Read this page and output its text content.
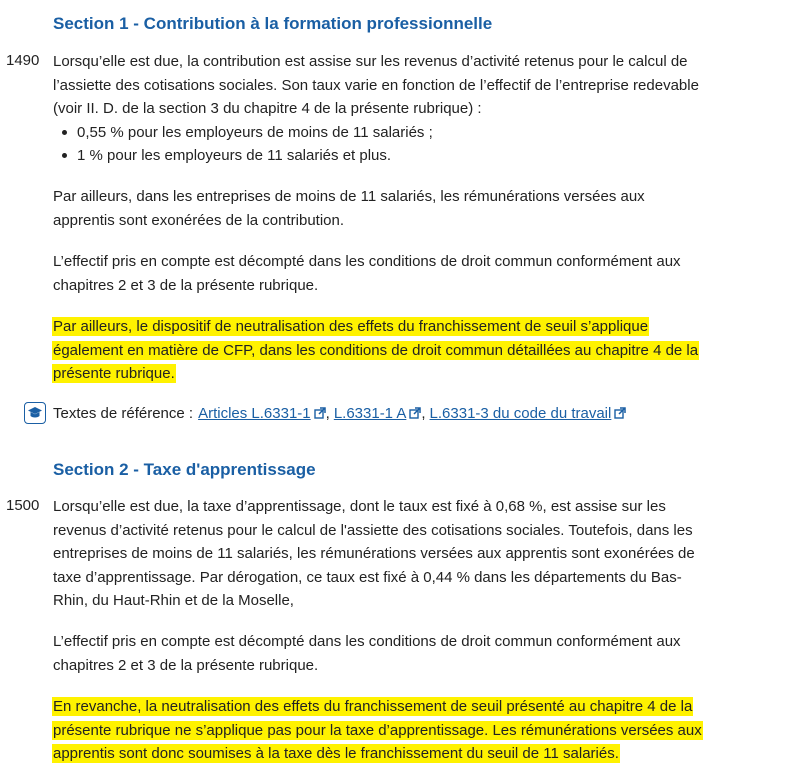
Section 1 - Contribution à la formation professionnelle
1490 Lorsqu’elle est due, la contribution est assise sur les revenus d’activité retenus pour le calcul de
l’assiette des cotisations sociales. Son taux varie en fonction de l’effectif de l’entreprise redevable
(voir II. D. de la section 3 du chapitre 4 de la présente rubrique) :
0,55 % pour les employeurs de moins de 11 salariés ;
1 % pour les employeurs de 11 salariés et plus.
Par ailleurs, dans les entreprises de moins de 11 salariés, les rémunérations versées aux
apprentis sont exonérées de la contribution.
L’effectif pris en compte est décompté dans les conditions de droit commun conformément aux
chapitres 2 et 3 de la présente rubrique.
Par ailleurs, le dispositif de neutralisation des effets du franchissement de seuil s’applique
également en matière de CFP, dans les conditions de droit commun détaillées au chapitre 4 de la
présente rubrique.
Textes de référence : Articles L.6331-1 , L.6331-1 A , L.6331-3 du code du travail
Section 2 - Taxe d'apprentissage
1500 Lorsqu’elle est due, la taxe d’apprentissage, dont le taux est fixé à 0,68 %, est assise sur les
revenus d’activité retenus pour le calcul de l'assiette des cotisations sociales. Toutefois, dans les
entreprises de moins de 11 salariés, les rémunérations versées aux apprentis sont exonérées de
taxe d’apprentissage. Par dérogation, ce taux est fixé à 0,44 % dans les départements du Bas-
Rhin, du Haut-Rhin et de la Moselle,
L’effectif pris en compte est décompté dans les conditions de droit commun conformément aux
chapitres 2 et 3 de la présente rubrique.
En revanche, la neutralisation des effets du franchissement de seuil présenté au chapitre 4 de la
présente rubrique ne s’applique pas pour la taxe d’apprentissage. Les rémunérations versées aux
apprentis sont donc soumises à la taxe dès le franchissement du seuil de 11 salariés.
